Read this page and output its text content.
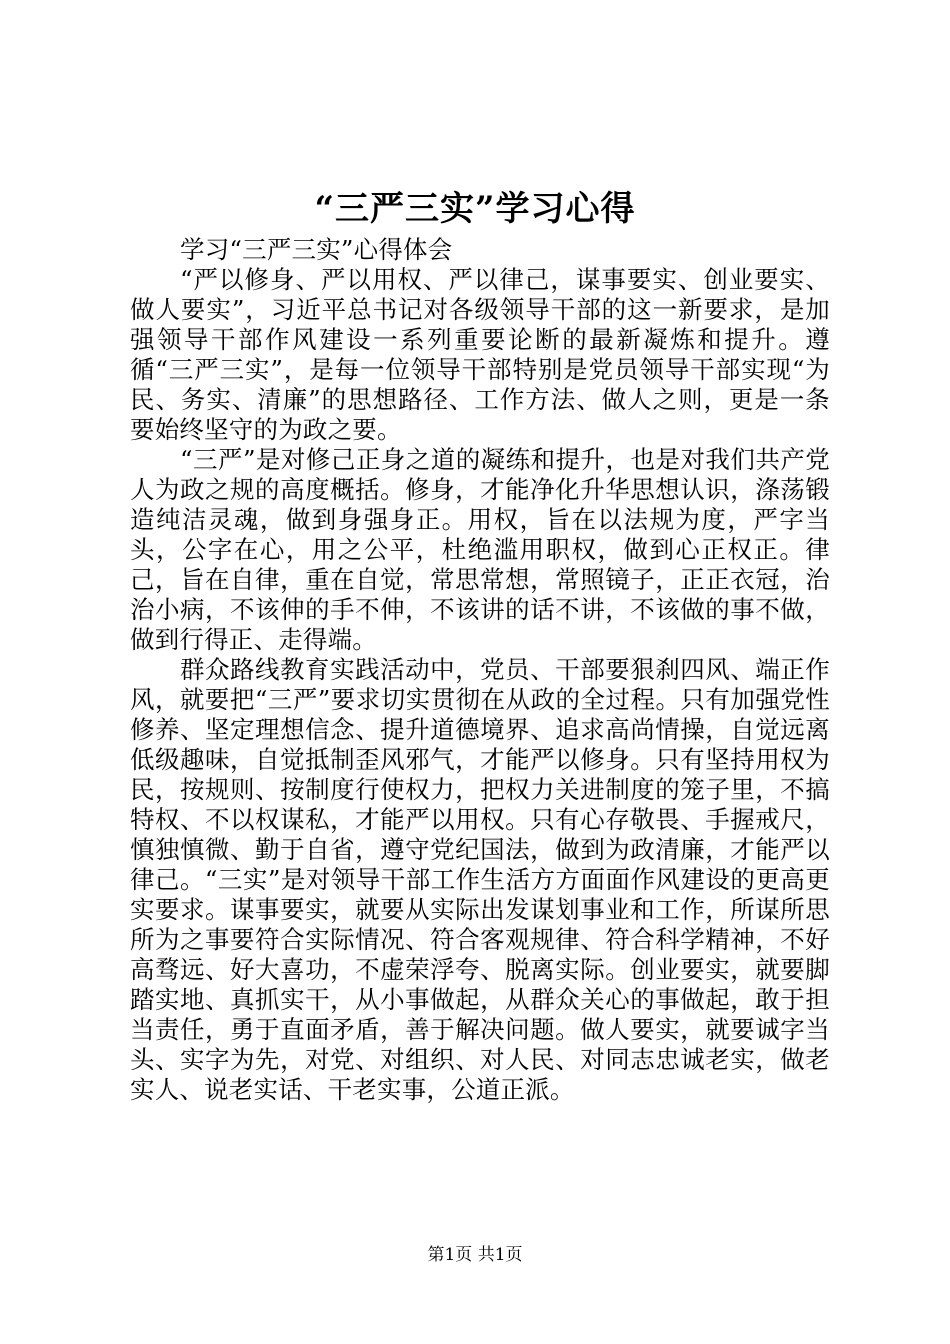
“三严三实”学习心得

学习“三严三实”心得体会

“严以修身、严以用权、严以律己，谋事要实、创业要实、做人要实”，习近平总书记对各级领导干部的这一新要求，是加强领导干部作风建设一系列重要论断的最新凝炼和提升。遵循“三严三实”，是每一位领导干部特别是党员领导干部实现“为民、务实、清廉”的思想路径、工作方法、做人之则，更是一条要始终坚守的为政之要。

“三严”是对修己正身之道的凝练和提升，也是对我们共产党人为政之规的高度概括。修身，才能净化升华思想认识，涤荡锻造纯洁灵魂，做到身强身正。用权，旨在以法规为度，严字当头，公字在心，用之公平，杜绝滥用职权，做到心正权正。律己，旨在自律，重在自觉，常思常想，常照镜子，正正衣冠，治治小病，不该伸的手不伸，不该讲的话不讲，不该做的事不做，做到行得正、走得端。

群众路线教育实践活动中，党员、干部要狠刹四风、端正作风，就要把“三严”要求切实贯彻在从政的全过程。只有加强党性修养、坚定理想信念、提升道德境界、追求高尚情操，自觉远离低级趣味，自觉抵制歪风邪气，才能严以修身。只有坚持用权为民，按规则、按制度行使权力，把权力关进制度的笼子里，不搞特权、不以权谋私，才能严以用权。只有心存敬畏、手握戒尺，慎独慎微、勤于自省，遵守党纪国法，做到为政清廉，才能严以律己。“三实”是对领导干部工作生活方方面面作风建设的更高更实要求。谋事要实，就要从实际出发谋划事业和工作，所谋所思所为之事要符合实际情况、符合客观规律、符合科学精神，不好高骛远、好大喜功，不虚荣浮夸、脱离实际。创业要实，就要脚踏实地、真抓实干，从小事做起，从群众关心的事做起，敢于担当责任，勇于直面矛盾，善于解决问题。做人要实，就要诚字当头、实字为先，对党、对组织、对人民、对同志忠诚老实，做老实人、说老实话、干老实事，公道正派。

第1页 共1页
